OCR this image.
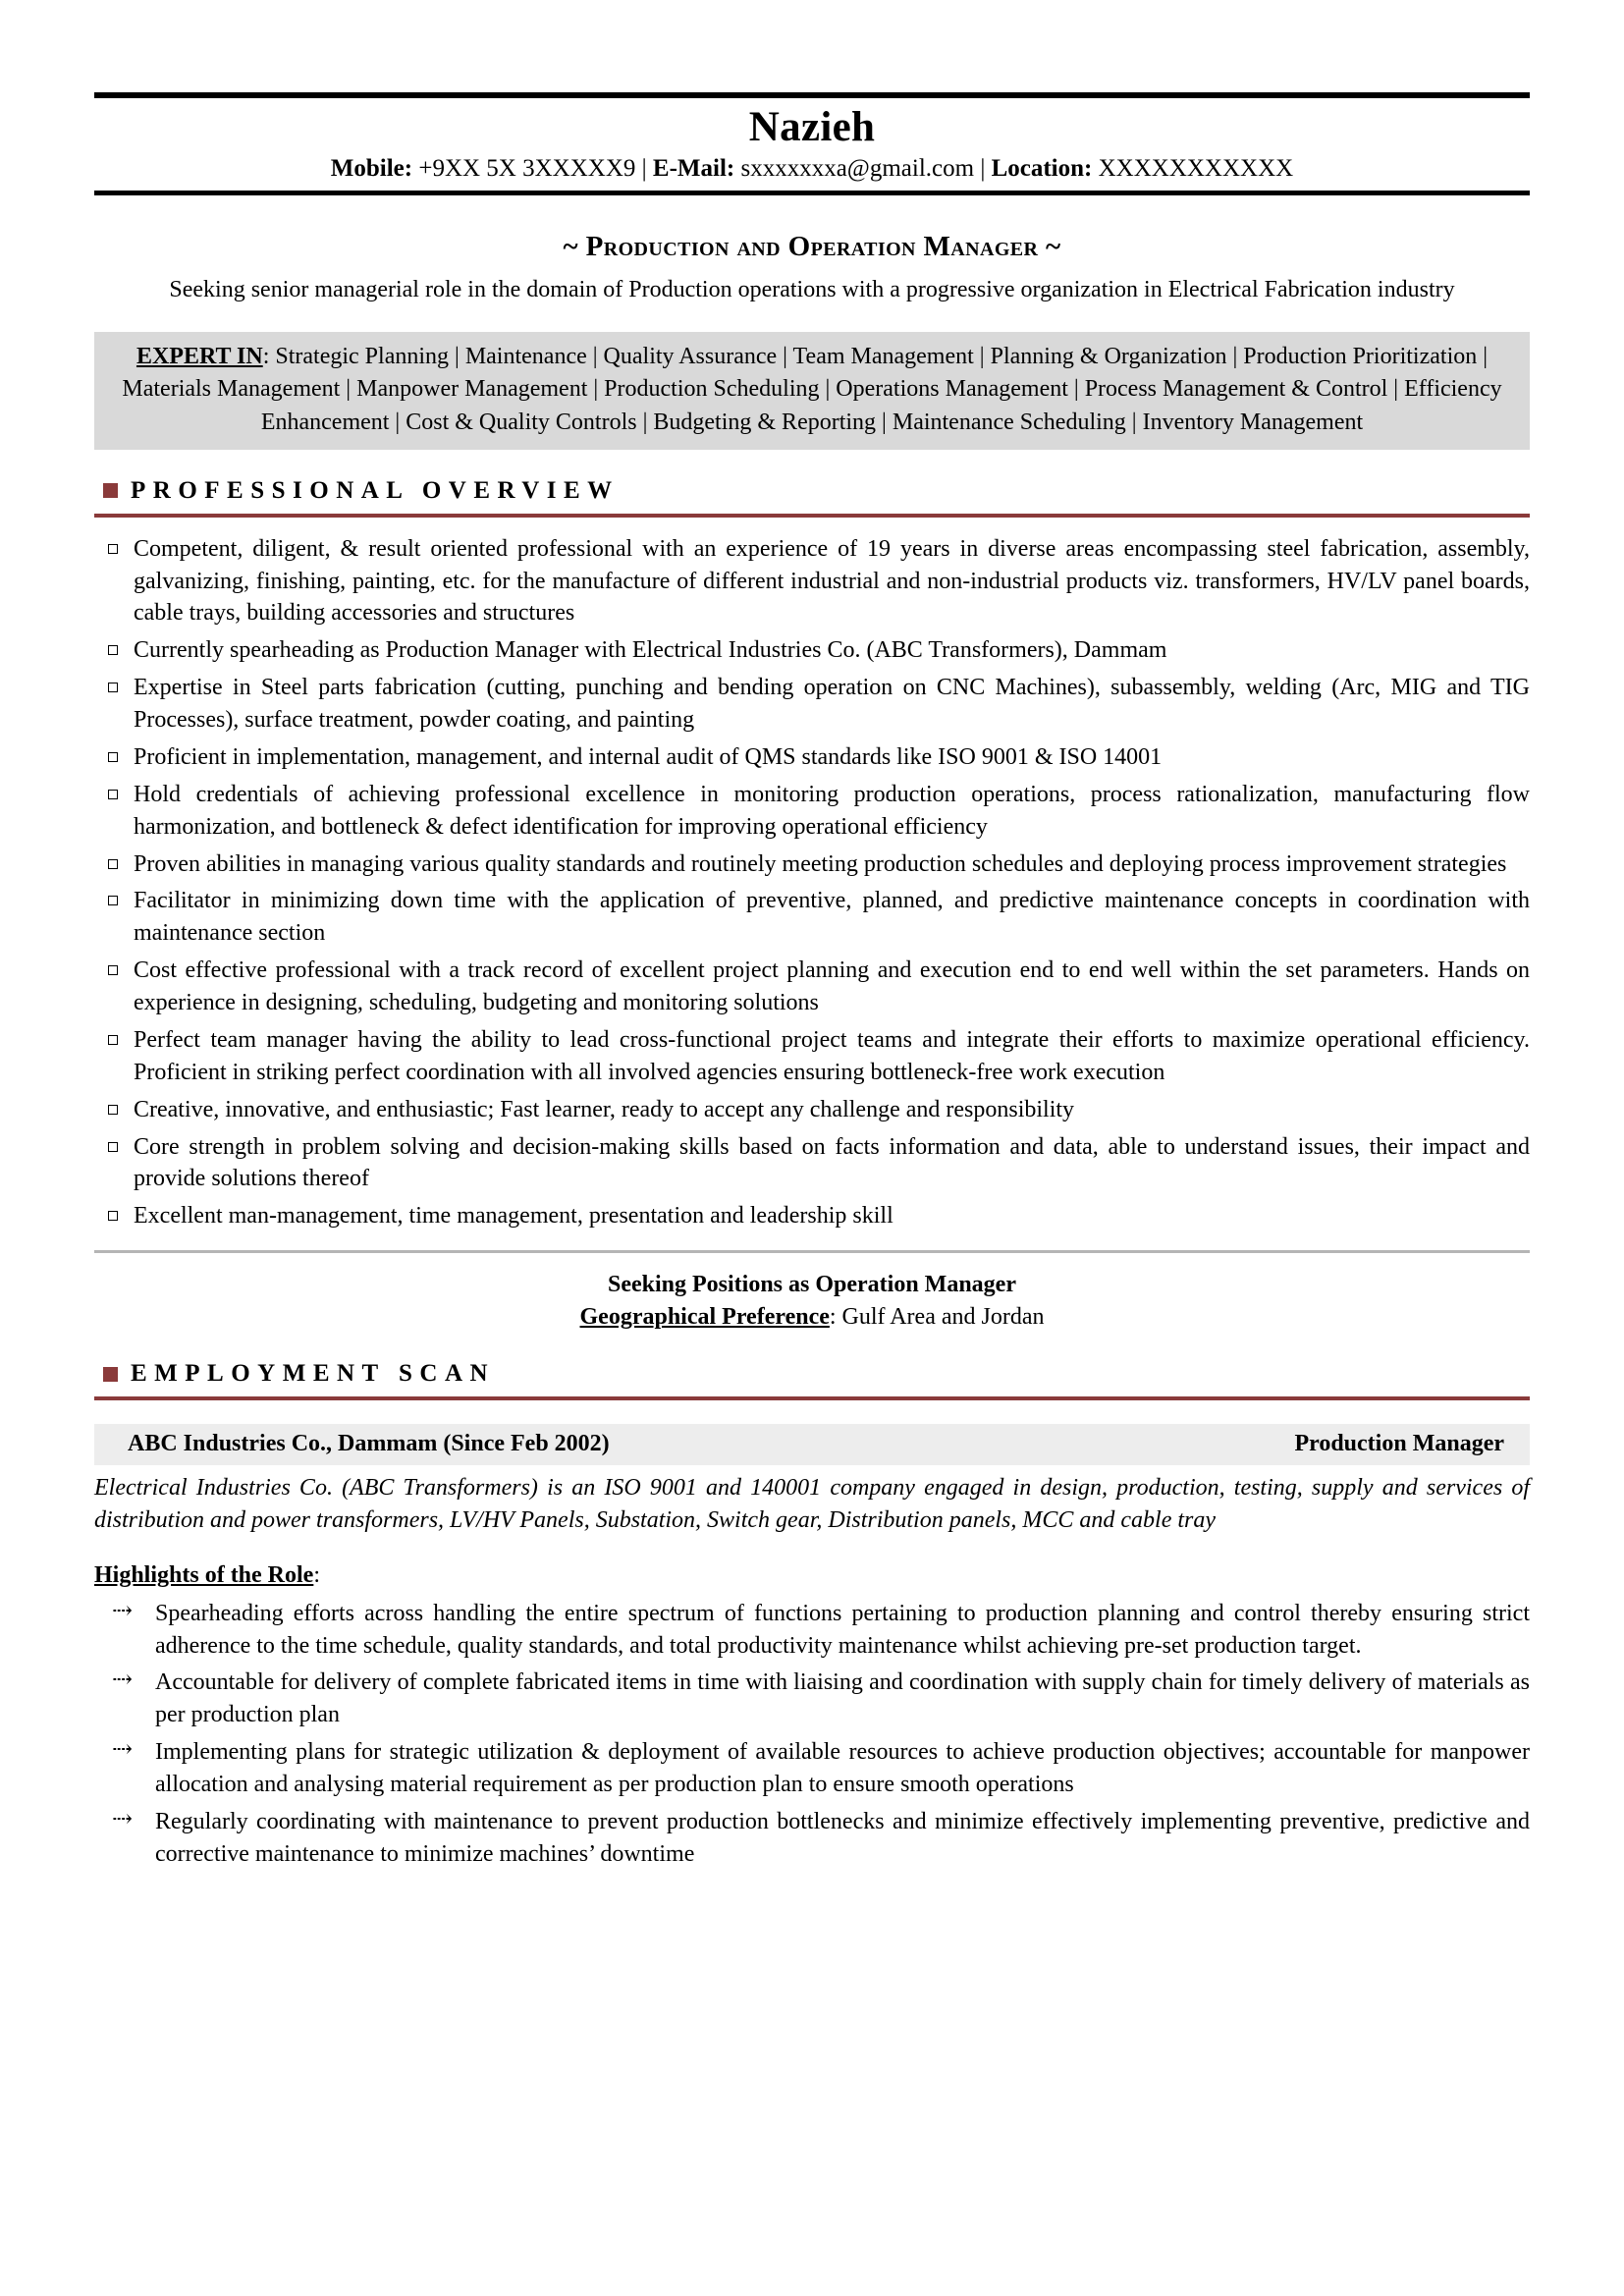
Nazieh
Mobile: +9XX 5X 3XXXXX9 | E-Mail: sxxxxxxxa@gmail.com | Location: XXXXXXXXXXX
~ Production and Operation Manager ~
Seeking senior managerial role in the domain of Production operations with a progressive organization in Electrical Fabrication industry
EXPERT IN: Strategic Planning | Maintenance | Quality Assurance | Team Management | Planning & Organization | Production Prioritization | Materials Management | Manpower Management | Production Scheduling | Operations Management | Process Management & Control | Efficiency Enhancement | Cost & Quality Controls | Budgeting & Reporting | Maintenance Scheduling | Inventory Management
PROFESSIONAL OVERVIEW
Competent, diligent, & result oriented professional with an experience of 19 years in diverse areas encompassing steel fabrication, assembly, galvanizing, finishing, painting, etc. for the manufacture of different industrial and non-industrial products viz. transformers, HV/LV panel boards, cable trays, building accessories and structures
Currently spearheading as Production Manager with Electrical Industries Co. (ABC Transformers), Dammam
Expertise in Steel parts fabrication (cutting, punching and bending operation on CNC Machines), subassembly, welding (Arc, MIG and TIG Processes), surface treatment, powder coating, and painting
Proficient in implementation, management, and internal audit of QMS standards like ISO 9001 & ISO 14001
Hold credentials of achieving professional excellence in monitoring production operations, process rationalization, manufacturing flow harmonization, and bottleneck & defect identification for improving operational efficiency
Proven abilities in managing various quality standards and routinely meeting production schedules and deploying process improvement strategies
Facilitator in minimizing down time with the application of preventive, planned, and predictive maintenance concepts in coordination with maintenance section
Cost effective professional with a track record of excellent project planning and execution end to end well within the set parameters. Hands on experience in designing, scheduling, budgeting and monitoring solutions
Perfect team manager having the ability to lead cross-functional project teams and integrate their efforts to maximize operational efficiency. Proficient in striking perfect coordination with all involved agencies ensuring bottleneck-free work execution
Creative, innovative, and enthusiastic; Fast learner, ready to accept any challenge and responsibility
Core strength in problem solving and decision-making skills based on facts information and data, able to understand issues, their impact and provide solutions thereof
Excellent man-management, time management, presentation and leadership skill
Seeking Positions as Operation Manager
Geographical Preference: Gulf Area and Jordan
EMPLOYMENT SCAN
ABC Industries Co., Dammam (Since Feb 2002)	Production Manager
Electrical Industries Co. (ABC Transformers) is an ISO 9001 and 140001 company engaged in design, production, testing, supply and services of distribution and power transformers, LV/HV Panels, Substation, Switch gear, Distribution panels, MCC and cable tray
Highlights of the Role:
⇢ Spearheading efforts across handling the entire spectrum of functions pertaining to production planning and control thereby ensuring strict adherence to the time schedule, quality standards, and total productivity maintenance whilst achieving pre-set production target.
⇢ Accountable for delivery of complete fabricated items in time with liaising and coordination with supply chain for timely delivery of materials as per production plan
⇢ Implementing plans for strategic utilization & deployment of available resources to achieve production objectives; accountable for manpower allocation and analysing material requirement as per production plan to ensure smooth operations
⇢ Regularly coordinating with maintenance to prevent production bottlenecks and minimize effectively implementing preventive, predictive and corrective maintenance to minimize machines’ downtime
